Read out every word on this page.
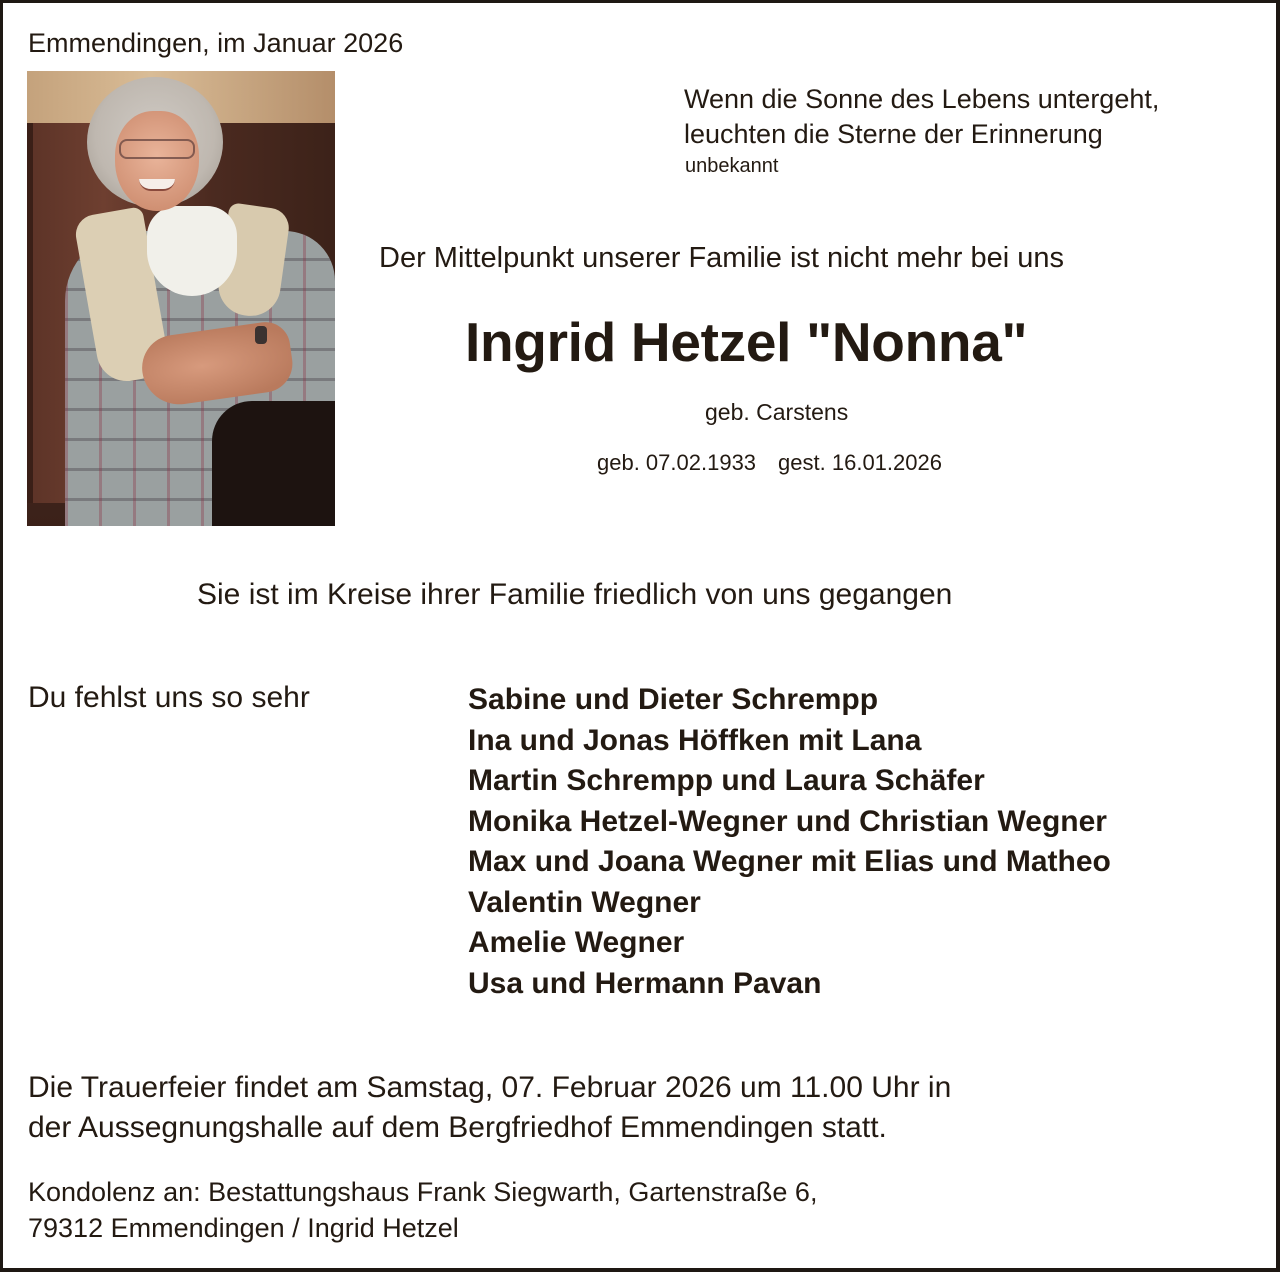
Emmendingen, im Januar 2026
Wenn die Sonne des Lebens untergeht,
leuchten die Sterne der Erinnerung
unbekannt
Der Mittelpunkt unserer Familie ist nicht mehr bei uns
Ingrid Hetzel "Nonna"
geb. Carstens
geb. 07.02.1933 gest. 16.01.2026
Sie ist im Kreise ihrer Familie friedlich von uns gegangen
Du fehlst uns so sehr	Sabine und Dieter Schrempp
Ina und Jonas Höffken mit Lana
Martin Schrempp und Laura Schäfer
Monika Hetzel-Wegner und Christian Wegner
Max und Joana Wegner mit Elias und Matheo
Valentin Wegner
Amelie Wegner
Usa und Hermann Pavan
Die Trauerfeier findet am Samstag, 07. Februar 2026 um 11.00 Uhr in
der Aussegnungshalle auf dem Bergfriedhof Emmendingen statt.
Kondolenz an: Bestattungshaus Frank Siegwarth, Gartenstraße 6,
79312 Emmendingen / Ingrid Hetzel
